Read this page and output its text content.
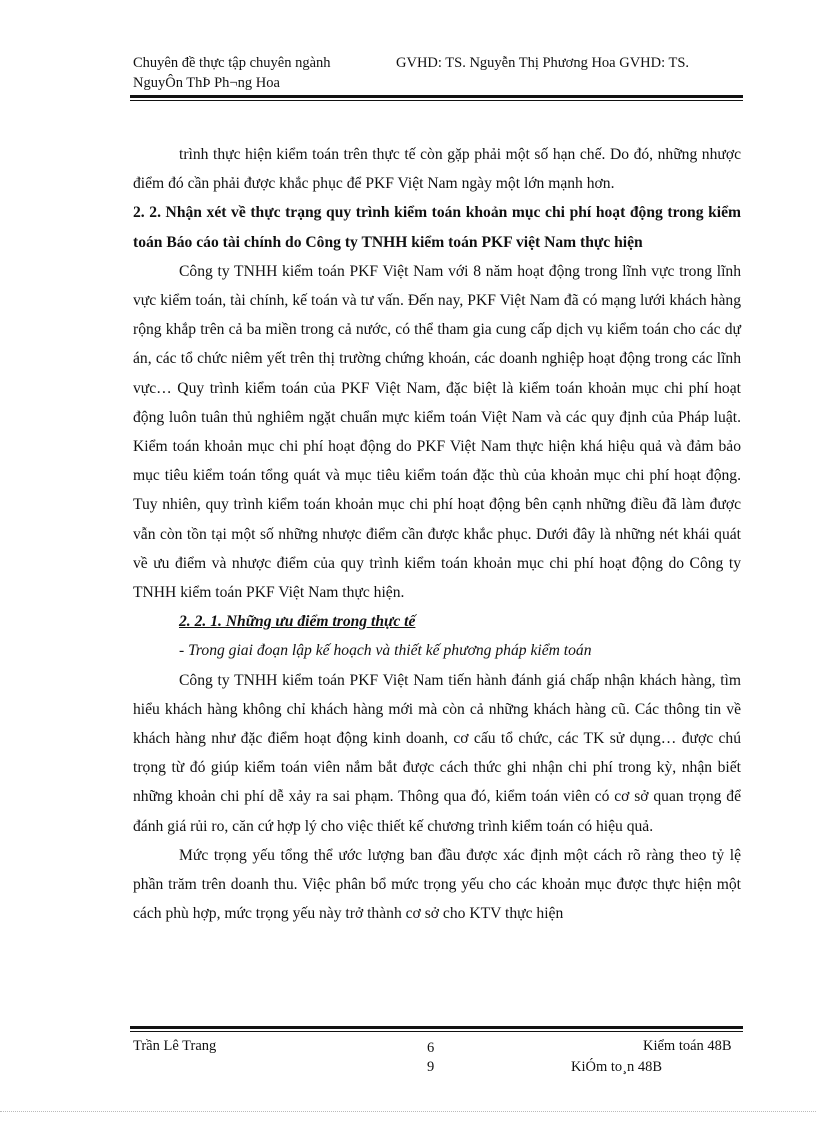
Chuyên đề thực tập chuyên ngành
NguyÔn ThÞ Ph¬ng Hoa
GVHD: TS. Nguyễn Thị Phương Hoa GVHD: TS.

trình thực hiện kiểm toán trên thực tế còn gặp phải một số hạn chế. Do đó, những nhược điểm đó cần phải được khắc phục để PKF Việt Nam ngày một lớn mạnh hơn.

2. 2. Nhận xét về thực trạng quy trình kiểm toán khoản mục chi phí hoạt động trong kiểm toán Báo cáo tài chính do Công ty TNHH kiểm toán PKF việt Nam thực hiện

Công ty TNHH kiểm toán PKF Việt Nam với 8 năm hoạt động trong lĩnh vực trong lĩnh vực kiểm toán, tài chính, kế toán và tư vấn. Đến nay, PKF Việt Nam đã có mạng lưới khách hàng rộng khắp trên cả ba miền trong cả nước, có thể tham gia cung cấp dịch vụ kiểm toán cho các dự án, các tổ chức niêm yết trên thị trường chứng khoán, các doanh nghiệp hoạt động trong các lĩnh vực… Quy trình kiểm toán của PKF Việt Nam, đặc biệt là kiểm toán khoản mục chi phí hoạt động luôn tuân thủ nghiêm ngặt chuẩn mực kiểm toán Việt Nam và các quy định của Pháp luật. Kiểm toán khoản mục chi phí hoạt động do PKF Việt Nam thực hiện khá hiệu quả và đảm bảo mục tiêu kiểm toán tổng quát và mục tiêu kiểm toán đặc thù của khoản mục chi phí hoạt động. Tuy nhiên, quy trình kiểm toán khoản mục chi phí hoạt động bên cạnh những điều đã làm được vẫn còn tồn tại một số những nhược điểm cần được khắc phục. Dưới đây là những nét khái quát về ưu điểm và nhược điểm của quy trình kiểm toán khoản mục chi phí hoạt động do Công ty TNHH kiểm toán PKF Việt Nam thực hiện.

2. 2. 1. Những ưu điểm trong thực tế

- Trong giai đoạn lập kế hoạch và thiết kế phương pháp kiểm toán

Công ty TNHH kiểm toán PKF Việt Nam tiến hành đánh giá chấp nhận khách hàng, tìm hiểu khách hàng không chỉ khách hàng mới mà còn cả những khách hàng cũ. Các thông tin về khách hàng như đặc điểm hoạt động kinh doanh, cơ cấu tổ chức, các TK sử dụng… được chú trọng từ đó giúp kiểm toán viên nắm bắt được cách thức ghi nhận chi phí trong kỳ, nhận biết những khoản chi phí dễ xảy ra sai phạm. Thông qua đó, kiểm toán viên có cơ sở quan trọng để đánh giá rủi ro, căn cứ hợp lý cho việc thiết kế chương trình kiểm toán có hiệu quả.

Mức trọng yếu tổng thể ước lượng ban đầu được xác định một cách rõ ràng theo tỷ lệ phần trăm trên doanh thu. Việc phân bổ mức trọng yếu cho các khoản mục được thực hiện một cách phù hợp, mức trọng yếu này trở thành cơ sở cho KTV thực hiện

Trần Lê Trang	6
9
Kiểm toán 48B
KiÓm to¸n 48B
